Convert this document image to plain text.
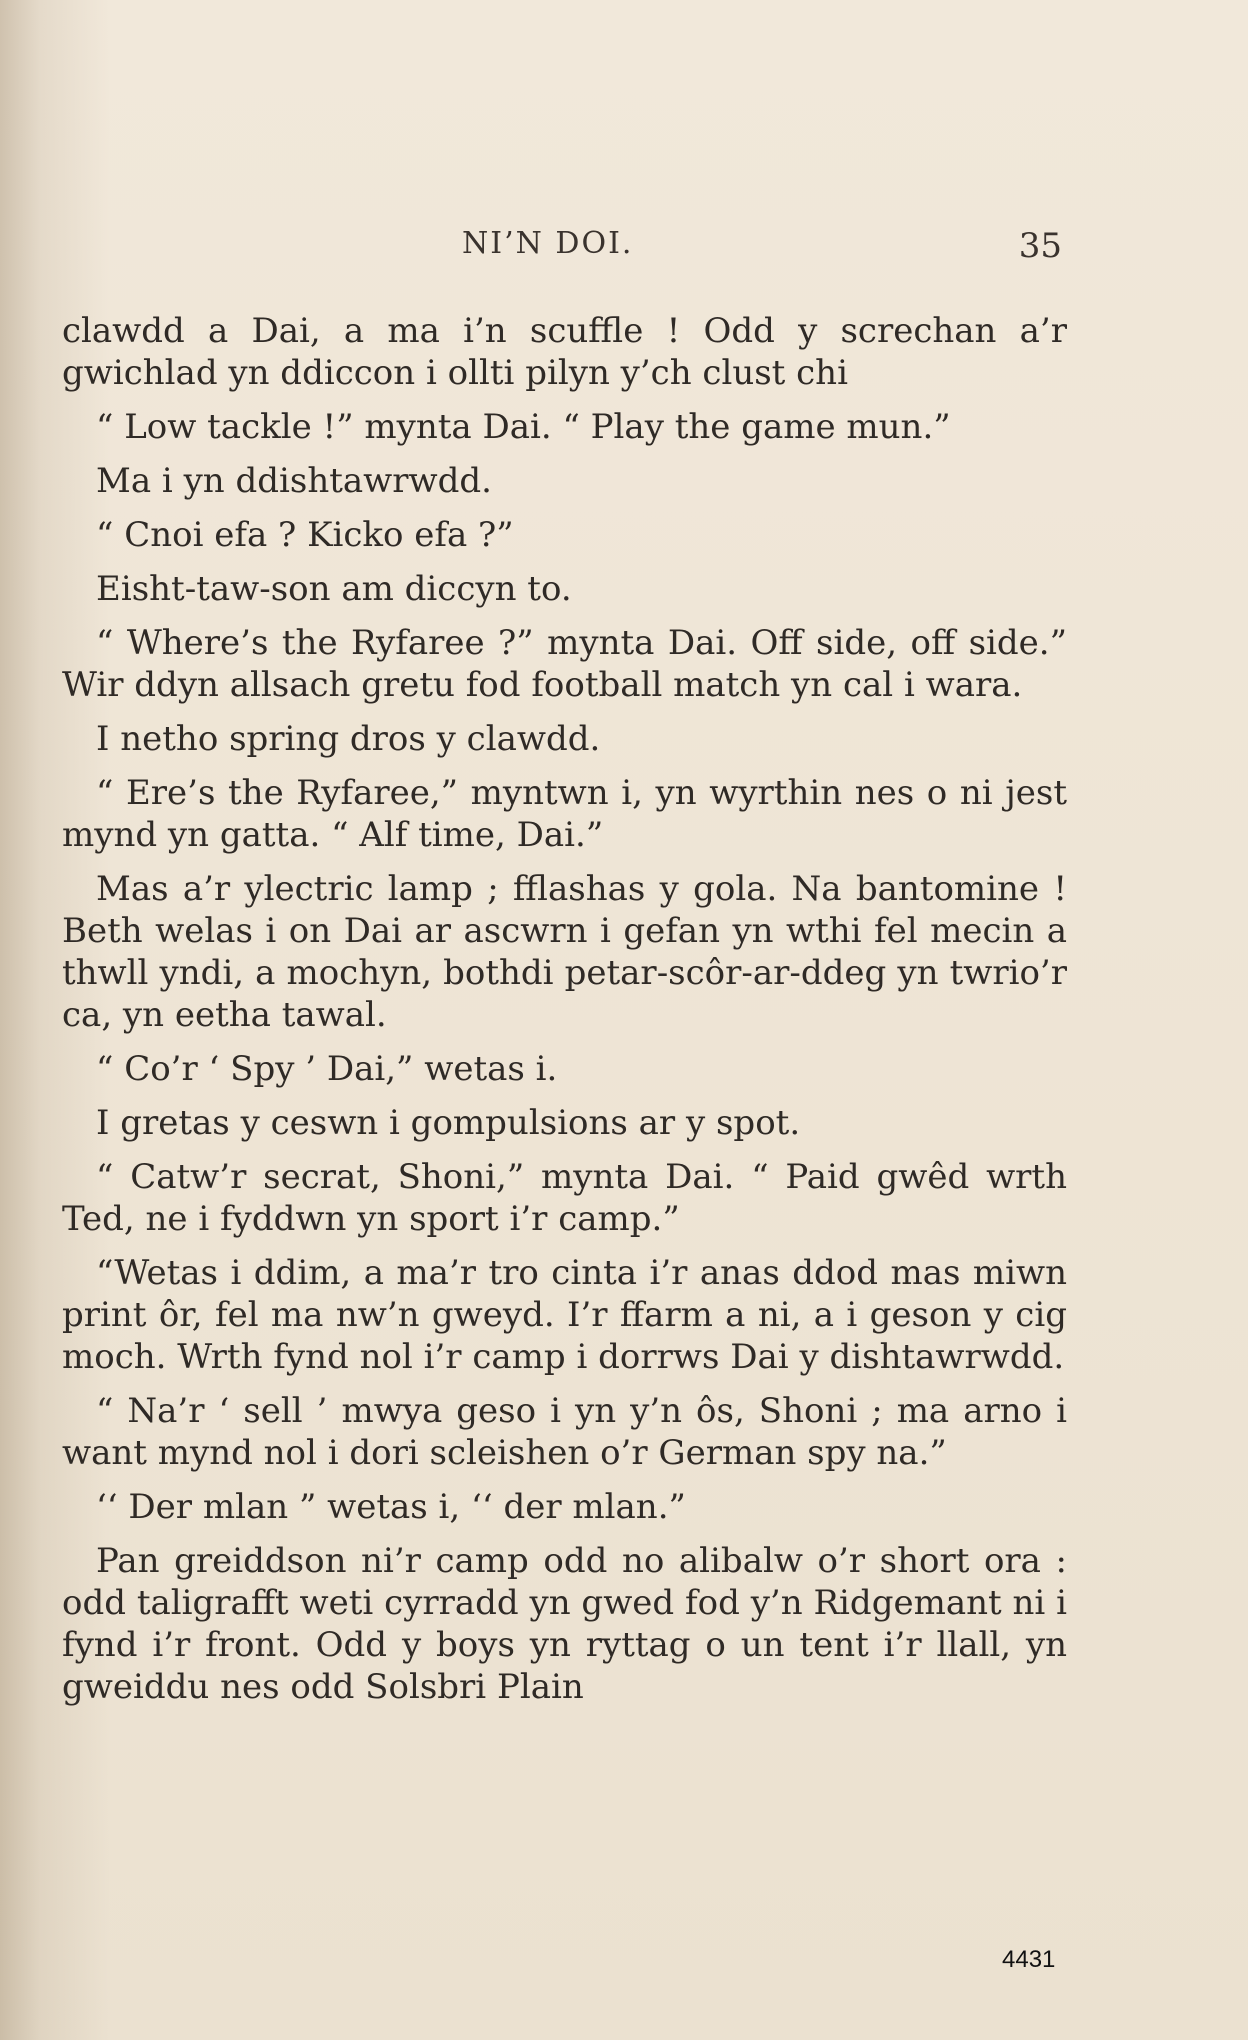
NI’N DOI.	35

clawdd a Dai, a ma i’n scuffle ! Odd y screchan a’r gwichlad yn ddiccon i ollti pilyn y’ch clust chi

“ Low tackle !” mynta Dai. “ Play the game mun.”

Ma i yn ddishtawrwdd.

“ Cnoi efa ? Kicko efa ?”

Eisht-taw-son am diccyn to.

“ Where’s the Ryfaree ?” mynta Dai. Off side, off side.” Wir ddyn allsach gretu fod football match yn cal i wara.

I netho spring dros y clawdd.

“ Ere’s the Ryfaree,” myntwn i, yn wyrthin nes o ni jest mynd yn gatta. “ Alf time, Dai.”

Mas a’r ylectric lamp ; fflashas y gola. Na bantomine ! Beth welas i on Dai ar ascwrn i gefan yn wthi fel mecin a thwll yndi, a mochyn, bothdi petar-scôr-ar-ddeg yn twrio’r ca, yn eetha tawal.

“ Co’r ‘ Spy ’ Dai,” wetas i.

I gretas y ceswn i gompulsions ar y spot.

“ Catw’r secrat, Shoni,” mynta Dai. “ Paid gwêd wrth Ted, ne i fyddwn yn sport i’r camp.”

“Wetas i ddim, a ma’r tro cinta i’r anas ddod mas miwn print ôr, fel ma nw’n gweyd. I’r ffarm a ni, a i geson y cig moch. Wrth fynd nol i’r camp i dorrws Dai y dishtawrwdd.

“ Na’r ‘ sell ’ mwya geso i yn y’n ôs, Shoni ; ma arno i want mynd nol i dori scleishen o’r German spy na.”

‘‘ Der mlan ” wetas i, ‘‘ der mlan.”

Pan greiddson ni’r camp odd no alibalw o’r short ora : odd taligrafft weti cyrradd yn gwed fod y’n Ridgemant ni i fynd i’r front. Odd y boys yn ryttag o un tent i’r llall, yn gweiddu nes odd Solsbri Plain

4431
